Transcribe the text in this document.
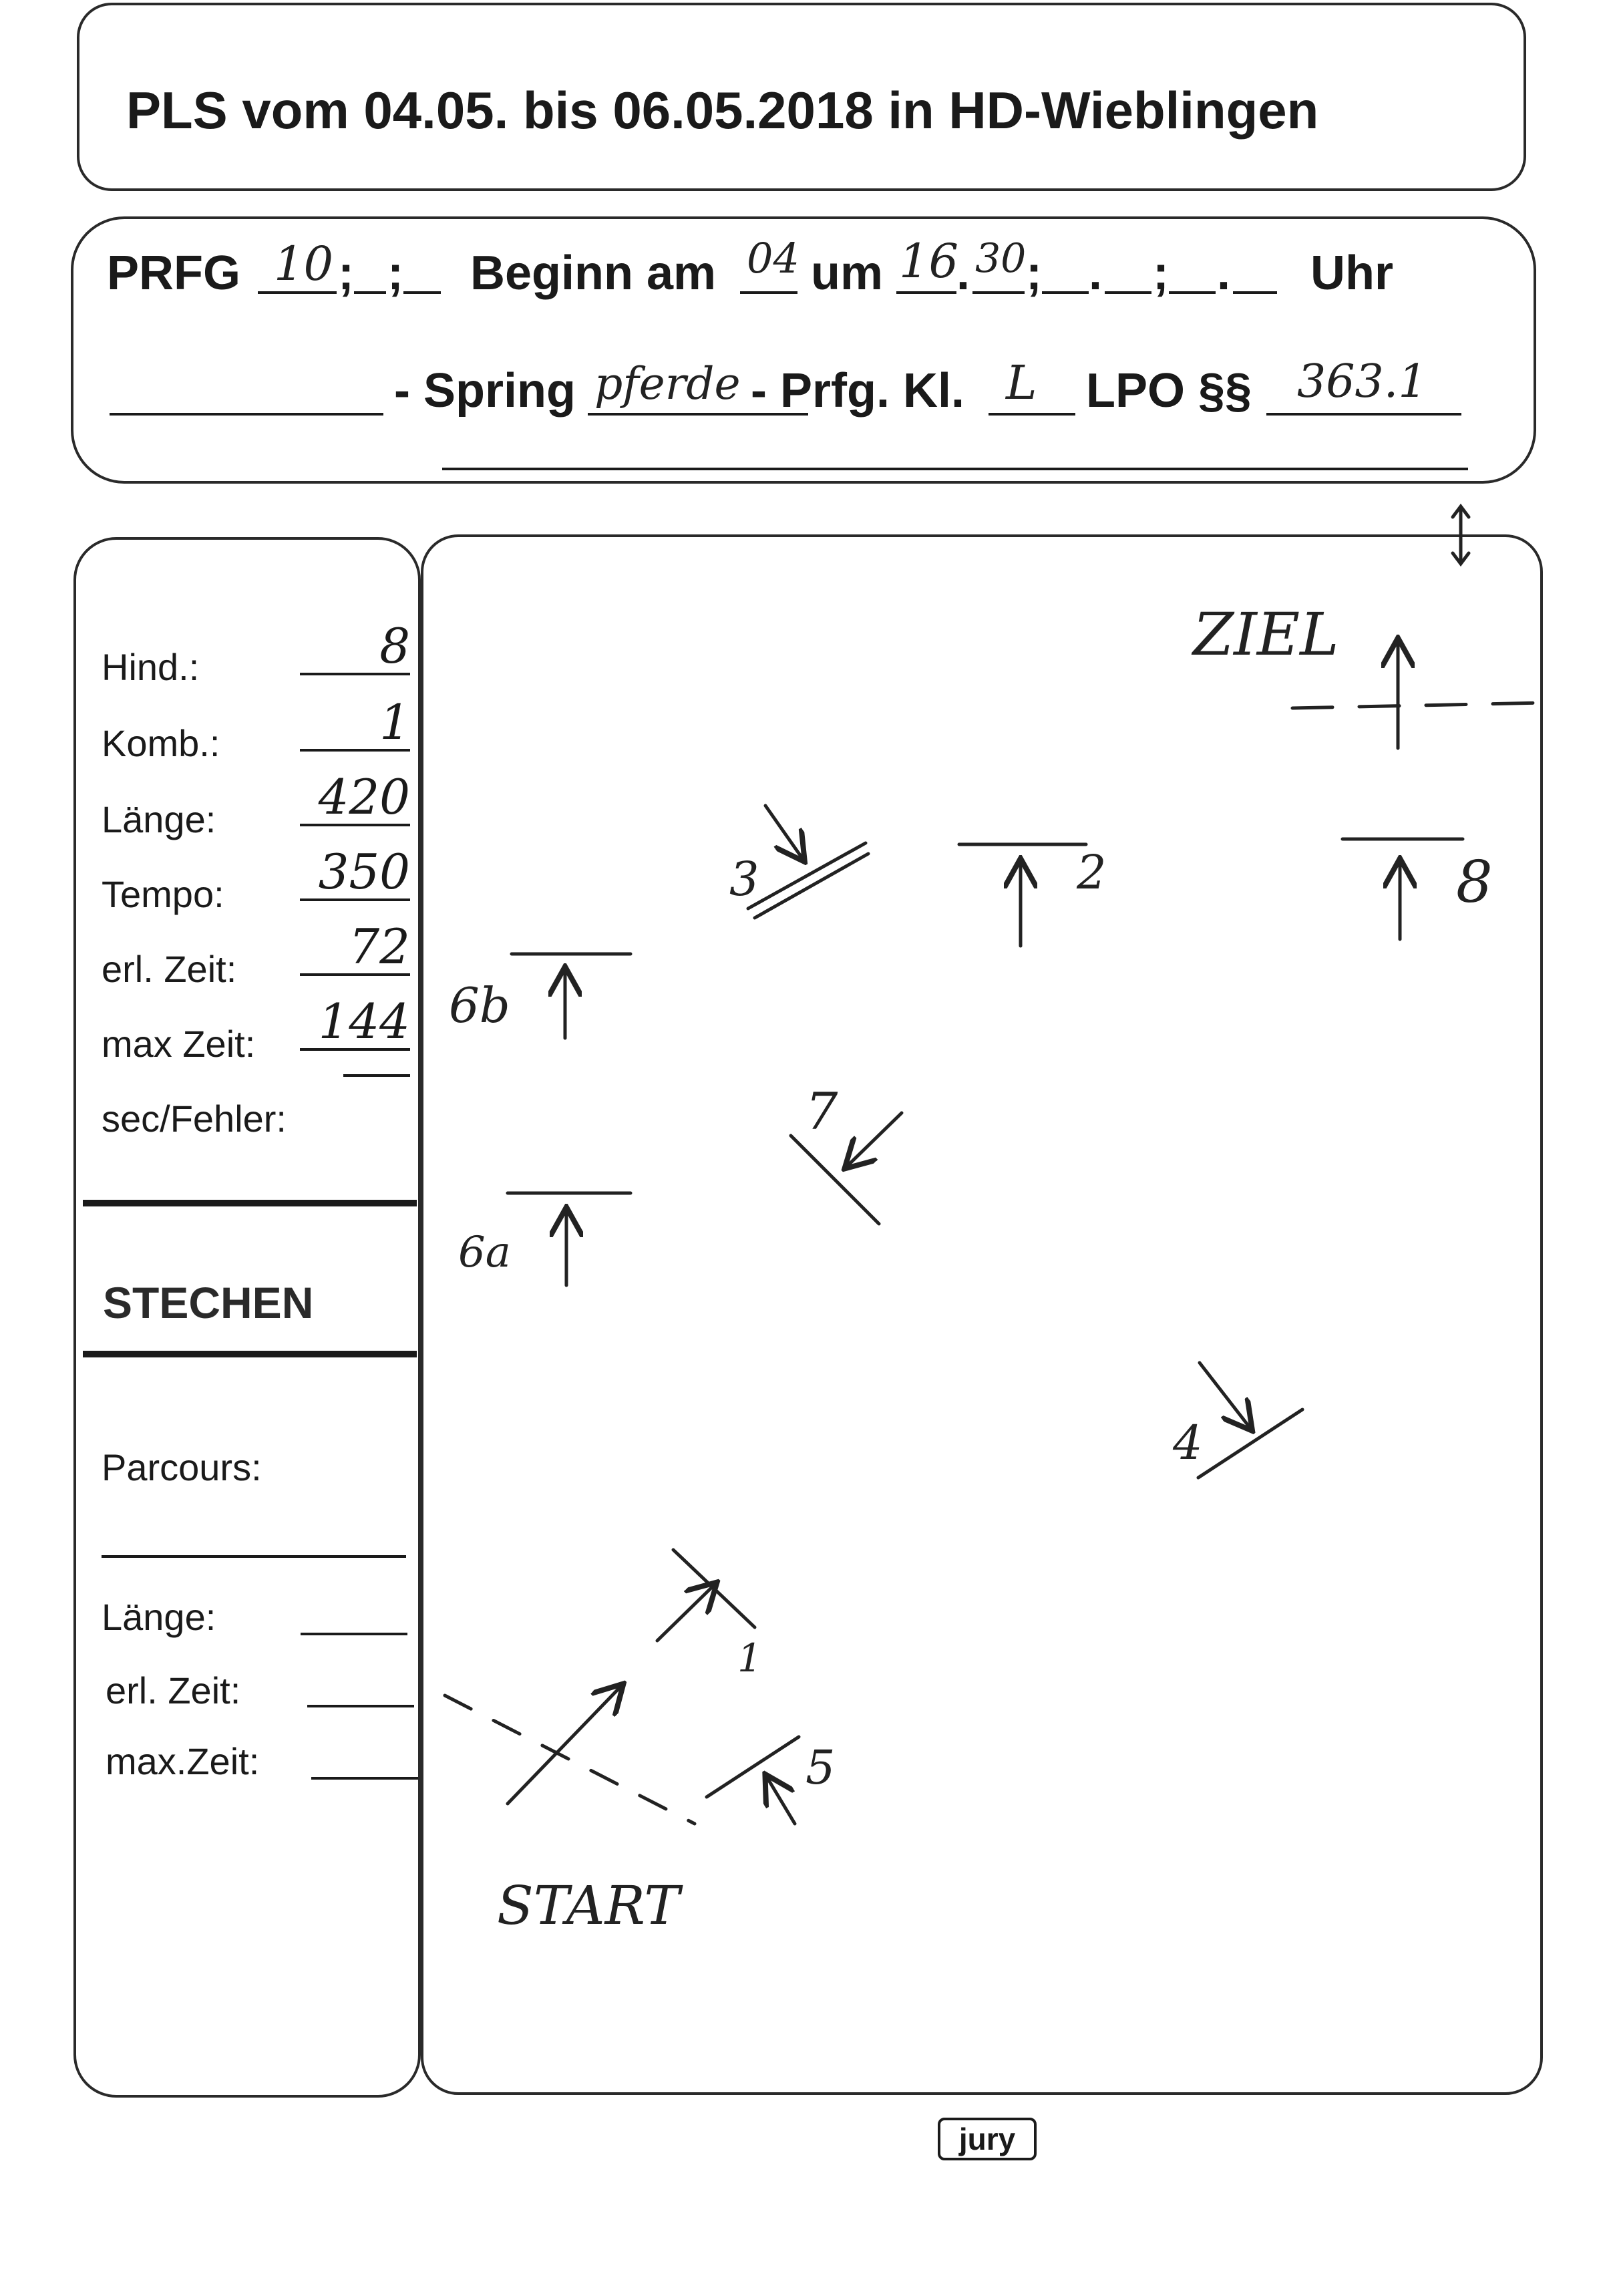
PLS vom 04.05. bis 06.05.2018 in HD-Wieblingen
PRFG 10 ; ; Beginn am 04 um 16
. 30 ; . ; . Uhr
- Spring pferde - Prfg. Kl. L LPO §§ 363.1
Hind.:	8
Komb.:	1
Länge:	420
Tempo:	350
erl. Zeit:	72
max Zeit:	144
sec/Fehler:
STECHEN
Parcours:
Länge:
erl. Zeit:
max.Zeit:
ZIEL
2	8
3
6b
7
6a
4
1
5
START
jury
